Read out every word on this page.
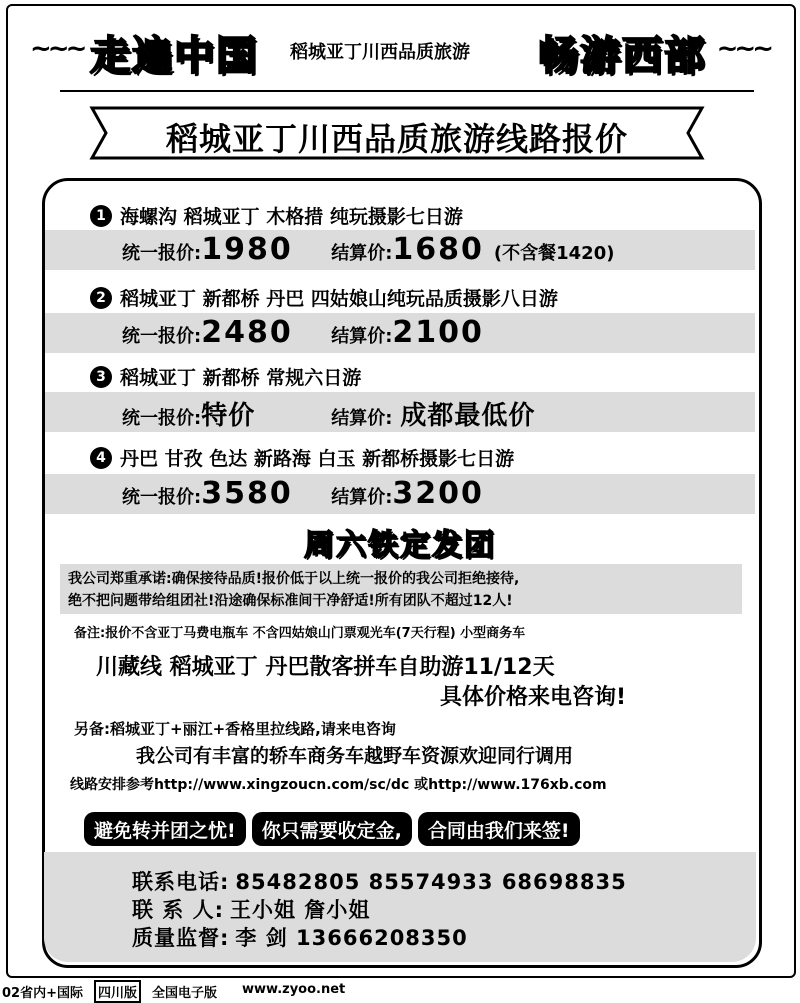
~~~ 走遍中国 稻城亚丁川西品质旅游 畅游西部 ~~~
稻城亚丁川西品质旅游线路报价
1 海螺沟 稻城亚丁 木格措 纯玩摄影七日游
统一报价: 1980	结算价: 1680 (不含餐1420)
2 稻城亚丁 新都桥 丹巴 四姑娘山纯玩品质摄影八日游
统一报价: 2480	结算价: 2100
3 稻城亚丁 新都桥 常规六日游
统一报价: 特价	结算价: 成都最低价
4 丹巴 甘孜 色达 新路海 白玉 新都桥摄影七日游
统一报价: 3580	结算价: 3200
周六铁定发团
我公司郑重承诺:确保接待品质!报价低于以上统一报价的我公司拒绝接待,
绝不把问题带给组团社!沿途确保标准间干净舒适!所有团队不超过12人!
备注:报价不含亚丁马费电瓶车 不含四姑娘山门票观光车(7天行程) 小型商务车
川藏线 稻城亚丁 丹巴散客拼车自助游11/12天
具体价格来电咨询!
另备:稻城亚丁+丽江+香格里拉线路,请来电咨询
我公司有丰富的轿车商务车越野车资源欢迎同行调用
线路安排参考http://www.xingzoucn.com/sc/dc 或http://www.176xb.com
避免转并团之忧!	你只需要收定金,	合同由我们来签!
联系电话: 85482805 85574933 68698835
联 系 人: 王小姐 詹小姐
质量监督: 李 剑 13666208350
02省内+国际	四川版	全国电子版 www.zyoo.net
